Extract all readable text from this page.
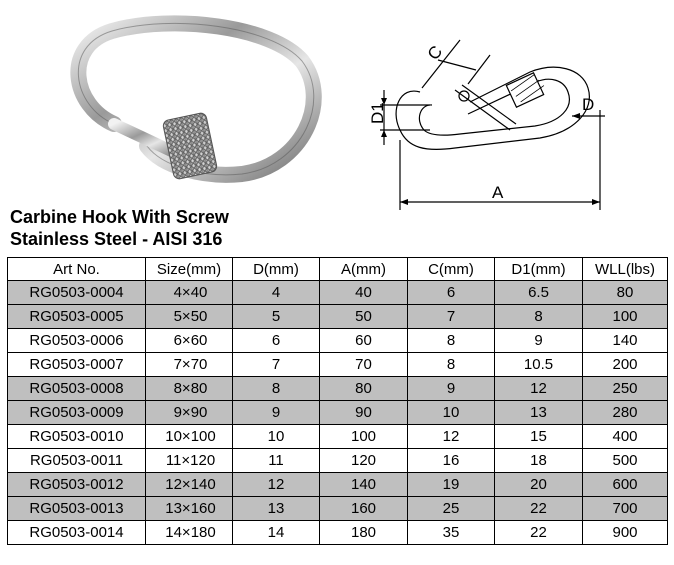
C
D1	D
A
Carbine Hook With Screw
Stainless Steel - AISI 316
Art No.	Size(mm)	D(mm)	A(mm)	C(mm)	D1(mm)	WLL(lbs)
RG0503-0004	4×40	4	40	6	6.5	80
RG0503-0005	5×50	5	50	7	8	100
RG0503-0006	6×60	6	60	8	9	140
RG0503-0007	7×70	7	70	8	10.5	200
RG0503-0008	8×80	8	80	9	12	250
RG0503-0009	9×90	9	90	10	13	280
RG0503-0010	10×100	10	100	12	15	400
RG0503-0011	11×120	11	120	16	18	500
RG0503-0012	12×140	12	140	19	20	600
RG0503-0013	13×160	13	160	25	22	700
RG0503-0014	14×180	14	180	35	22	900
